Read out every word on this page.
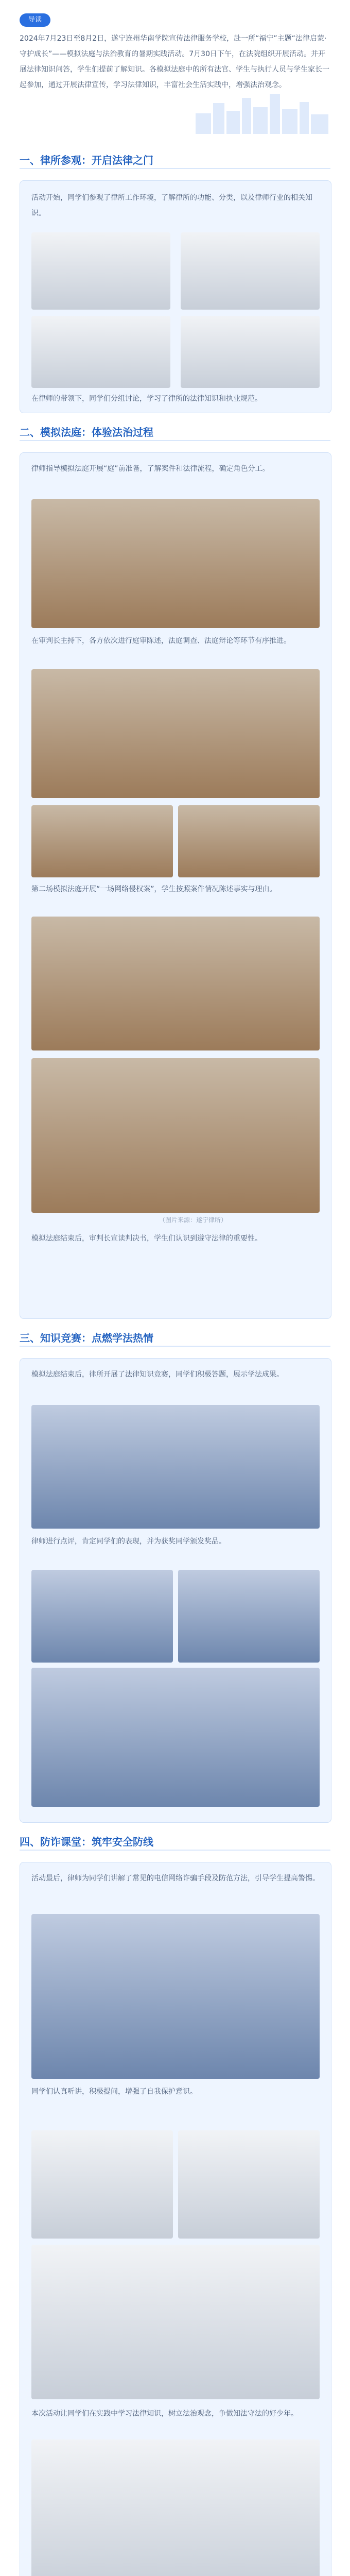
导读
2024年7月23日至8月2日，遂宁连州华南学院宣传法律服务学校，赴一所“福宁”主题“法律启蒙·守护成长”——模拟法庭与法治教育的暑期实践活动。7月30日下午，在法院组织开展活动。并开展法律知识问答，学生们提前了解知识。各模拟法庭中的所有法官、学生与执行人员与学生家长一起参加，通过开展法律宣传，学习法律知识，丰富社会生活实践中，增强法治观念。
一、律所参观：开启法律之门
活动开始，同学们参观了律所工作环境，了解律所的功能、分类，以及律师行业的相关知识。
在律师的带领下，同学们分组讨论，学习了律所的法律知识和执业规范。
二、模拟法庭：体验法治过程
律师指导模拟法庭开展“庭”前准备，了解案件和法律流程，确定角色分工。
在审判长主持下，各方依次进行庭审陈述，法庭调查、法庭辩论等环节有序推进。
第二场模拟法庭开展“一场网络侵权案”，学生按照案件情况陈述事实与理由。
（图片来源：遂宁律所）
模拟法庭结束后，审判长宣读判决书，学生们认识到遵守法律的重要性。
三、知识竞赛：点燃学法热情
模拟法庭结束后，律所开展了法律知识竞赛，同学们积极答题，展示学法成果。
律师进行点评，肯定同学们的表现，并为获奖同学颁发奖品。
四、防诈课堂：筑牢安全防线
活动最后，律师为同学们讲解了常见的电信网络诈骗手段及防范方法，引导学生提高警惕。
同学们认真听讲，积极提问，增强了自我保护意识。
本次活动让同学们在实践中学习法律知识，树立法治观念，争做知法守法的好少年。
